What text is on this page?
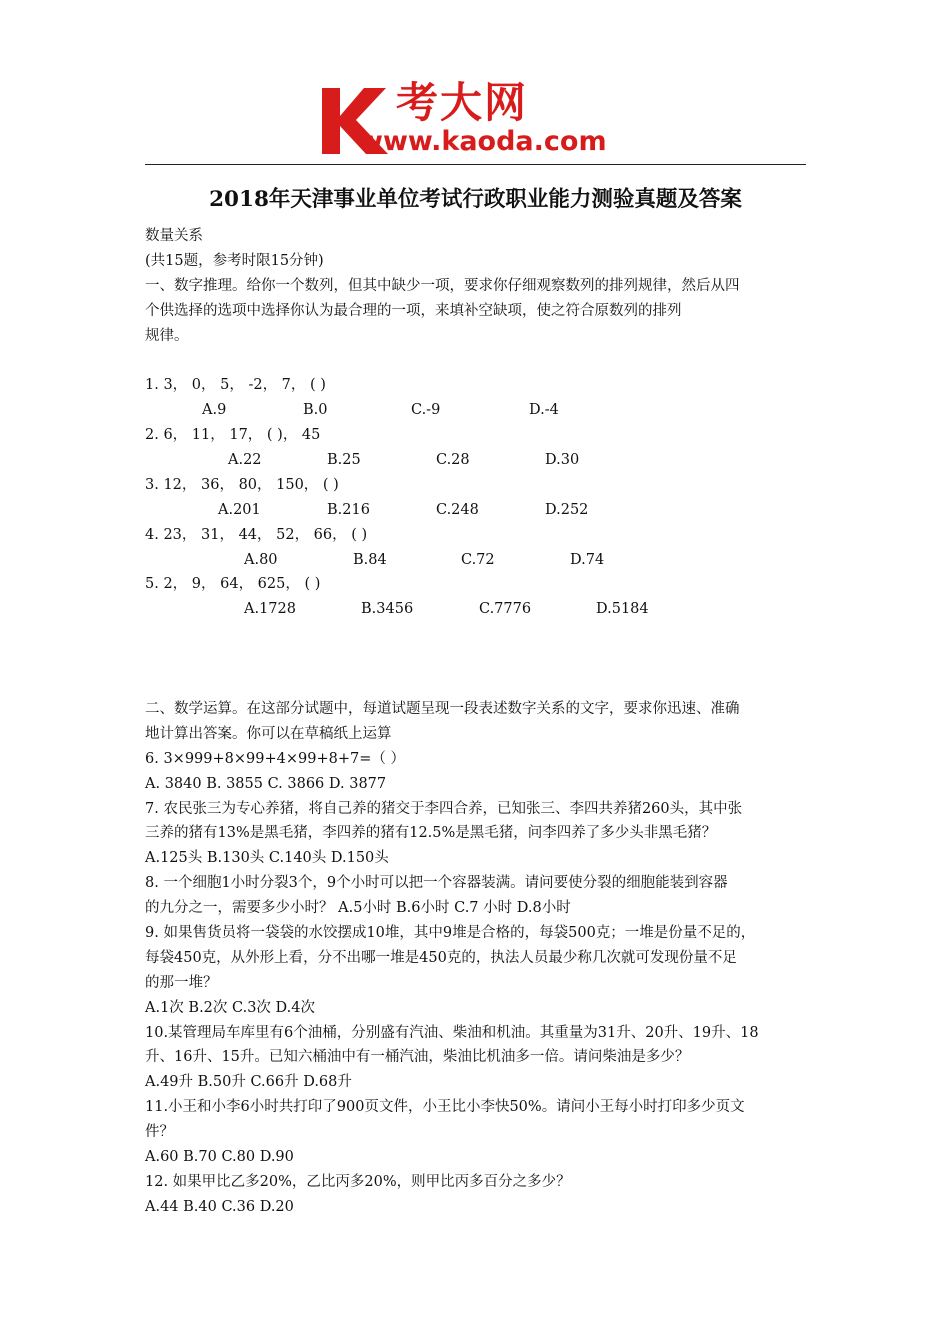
考大网
www.kaoda.com
2018年天津事业单位考试行政职业能力测验真题及答案
数量关系
(共15题，参考时限15分钟)
一、数字推理。给你一个数列，但其中缺少一项，要求你仔细观察数列的排列规律，然后从四
个供选择的选项中选择你认为最合理的一项，来填补空缺项，使之符合原数列的排列
规律。
1. 3， 0， 5， -2， 7， ( )
A.9	B.0	C.-9	D.-4
2. 6， 11， 17， ( )， 45
A.22	B.25	C.28	D.30
3. 12， 36， 80， 150， ( )
A.201	B.216	C.248	D.252
4. 23， 31， 44， 52， 66， ( )
A.80	B.84	C.72	D.74
5. 2， 9， 64， 625， ( )
A.1728	B.3456	C.7776	D.5184
二、数学运算。在这部分试题中，每道试题呈现一段表述数字关系的文字，要求你迅速、准确
地计算出答案。你可以在草稿纸上运算
6. 3×999+8×99+4×99+8+7=（ ）
A. 3840 B. 3855 C. 3866 D. 3877
7. 农民张三为专心养猪，将自己养的猪交于李四合养，已知张三、李四共养猪260头，其中张
三养的猪有13%是黑毛猪，李四养的猪有12.5%是黑毛猪，问李四养了多少头非黑毛猪？
A.125头 B.130头 C.140头 D.150头
8. 一个细胞1小时分裂3个，9个小时可以把一个容器装满。请问要使分裂的细胞能装到容器
的九分之一，需要多少小时？ A.5小时 B.6小时 C.7 小时 D.8小时
9. 如果售货员将一袋袋的水饺摆成10堆，其中9堆是合格的，每袋500克；一堆是份量不足的，
每袋450克，从外形上看，分不出哪一堆是450克的，执法人员最少称几次就可发现份量不足
的那一堆？
A.1次 B.2次 C.3次 D.4次
10.某管理局车库里有6个油桶，分别盛有汽油、柴油和机油。其重量为31升、20升、19升、18
升、16升、15升。已知六桶油中有一桶汽油，柴油比机油多一倍。请问柴油是多少？
A.49升 B.50升 C.66升 D.68升
11.小王和小李6小时共打印了900页文件，小王比小李快50%。请问小王每小时打印多少页文
件？
A.60 B.70 C.80 D.90
12. 如果甲比乙多20%，乙比丙多20%，则甲比丙多百分之多少？
A.44 B.40 C.36 D.20
